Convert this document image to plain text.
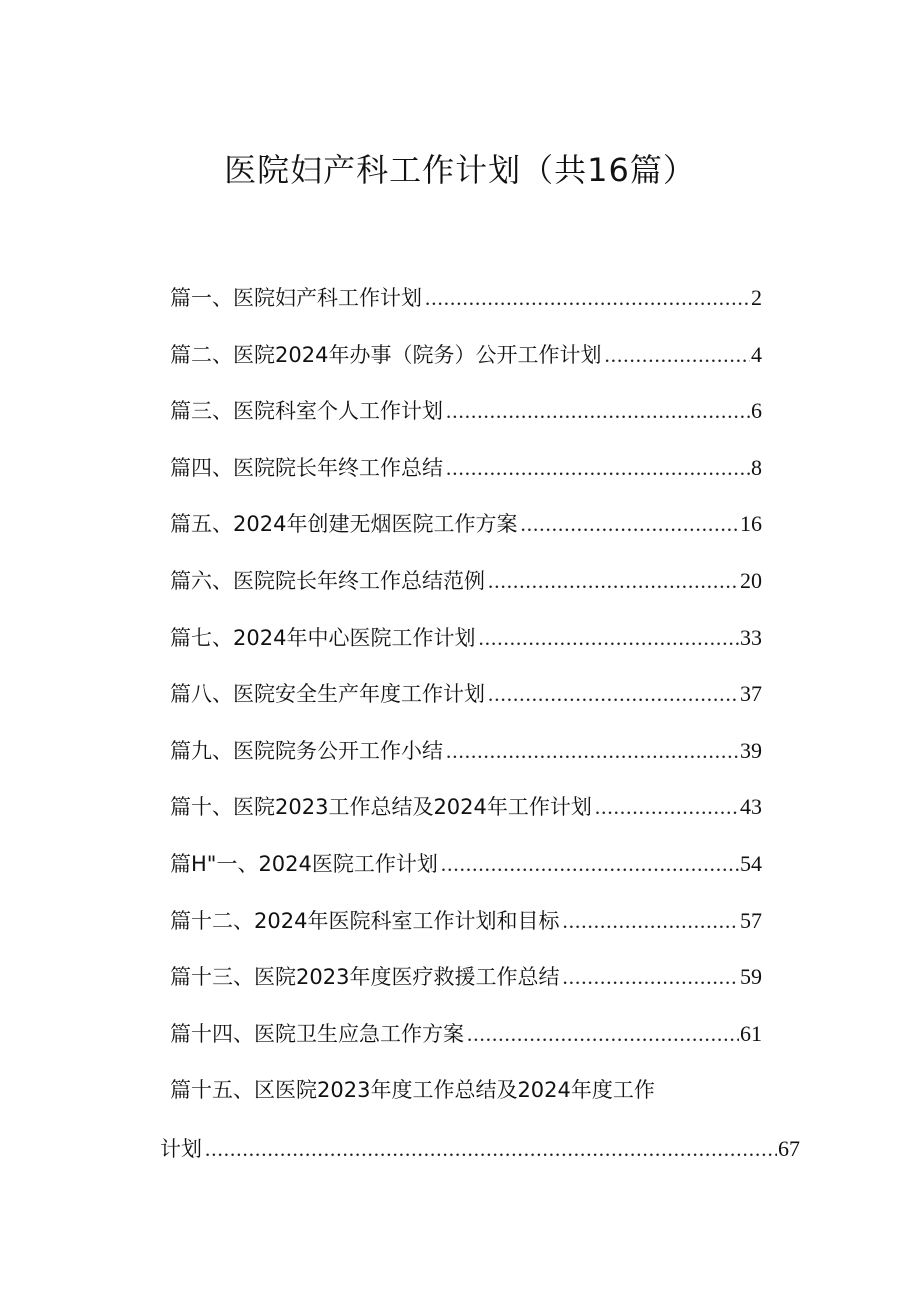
医院妇产科工作计划（共16篇）
篇一、医院妇产科工作计划 .....	2
篇二、医院2024年办事（院务）公开工作计划 .....	4
篇三、医院科室个人工作计划 .....	6
篇四、医院院长年终工作总结 .....	8
篇五、2024年创建无烟医院工作方案 .....	16
篇六、医院院长年终工作总结范例 .....	20
篇七、2024年中心医院工作计划 .....	33
篇八、医院安全生产年度工作计划 .....	37
篇九、医院院务公开工作小结 .....	39
篇十、医院2023工作总结及2024年工作计划 .....	43
篇H"一、2024医院工作计划 .....	54
篇十二、2024年医院科室工作计划和目标 .....	57
篇十三、医院2023年度医疗救援工作总结 .....	59
篇十四、医院卫生应急工作方案 .....	61
篇十五、区医院2023年度工作总结及2024年度工作
计划 .....	67
